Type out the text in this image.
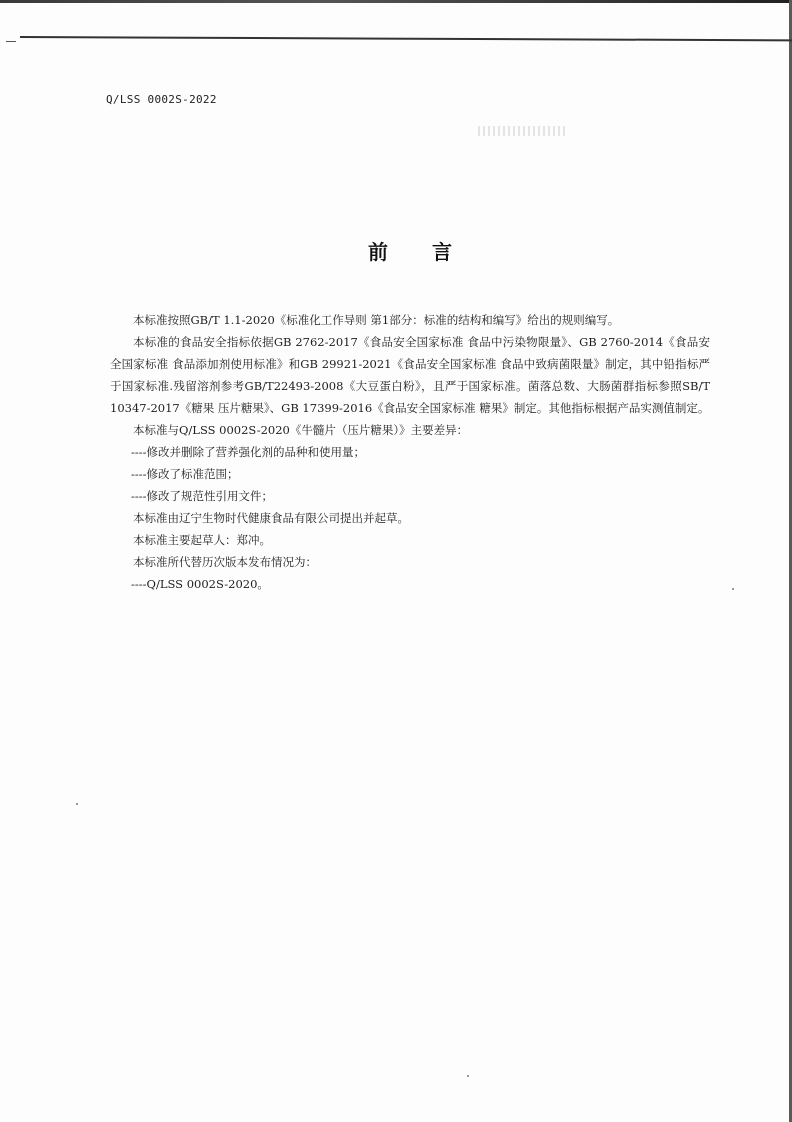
Q/LSS 0002S-2022
前言

本标准按照GB/T 1.1-2020《标准化工作导则 第1部分：标准的结构和编写》给出的规则编写。

本标准的食品安全指标依据GB 2762-2017《食品安全国家标准 食品中污染物限量》、GB 2760-2014《食品安全国家标准 食品添加剂使用标准》和GB 29921-2021《食品安全国家标准 食品中致病菌限量》制定，其中铅指标严于国家标准.残留溶剂参考GB/T22493-2008《大豆蛋白粉》，且严于国家标准。菌落总数、大肠菌群指标参照SB/T 10347-2017《糖果 压片糖果》、GB 17399-2016《食品安全国家标准 糖果》制定。其他指标根据产品实测值制定。

本标准与Q/LSS 0002S-2020《牛髓片（压片糖果）》主要差异：

----修改并删除了营养强化剂的品种和使用量；

----修改了标准范围；

----修改了规范性引用文件；

本标准由辽宁生物时代健康食品有限公司提出并起草。

本标准主要起草人：郑冲。

本标准所代替历次版本发布情况为：

----Q/LSS 0002S-2020。
